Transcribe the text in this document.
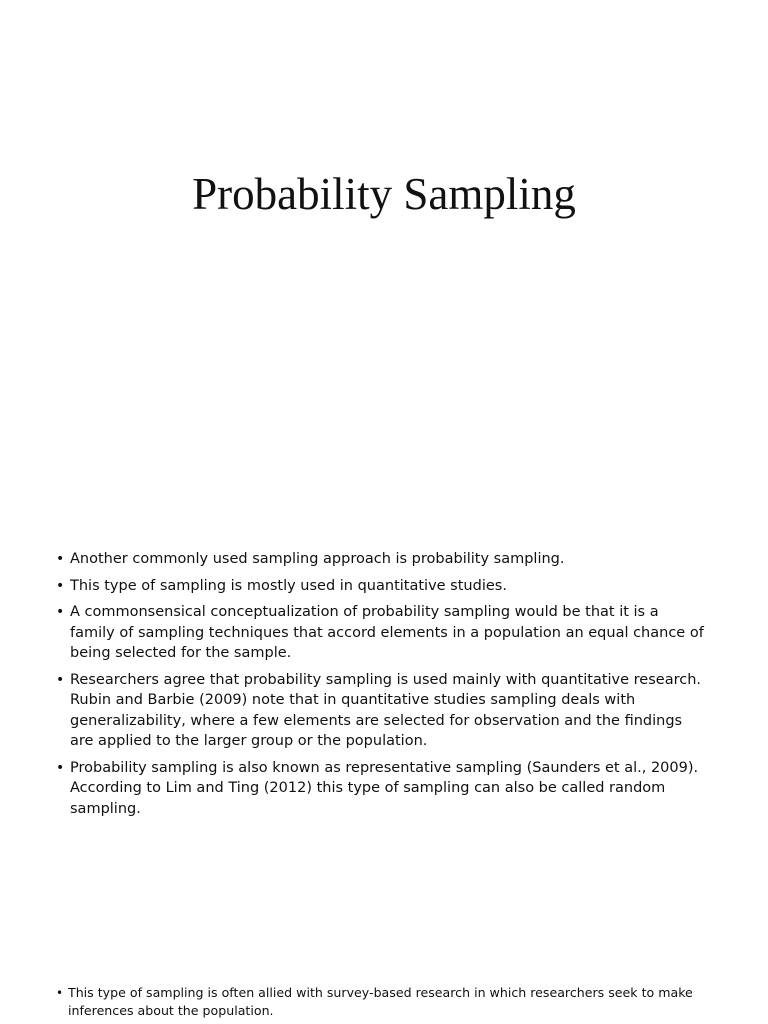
Probability Sampling
• Another commonly used sampling approach is probability sampling.
• This type of sampling is mostly used in quantitative studies.
• A commonsensical conceptualization of probability sampling would be that it is a family of sampling techniques that accord elements in a population an equal chance of being selected for the sample.
• Researchers agree that probability sampling is used mainly with quantitative research. Rubin and Barbie (2009) note that in quantitative studies sampling deals with generalizability, where a few elements are selected for observation and the findings are applied to the larger group or the population.
• Probability sampling is also known as representative sampling (Saunders et al., 2009). According to Lim and Ting (2012) this type of sampling can also be called random sampling.
• This type of sampling is often allied with survey-based research in which researchers seek to make inferences about the population.
